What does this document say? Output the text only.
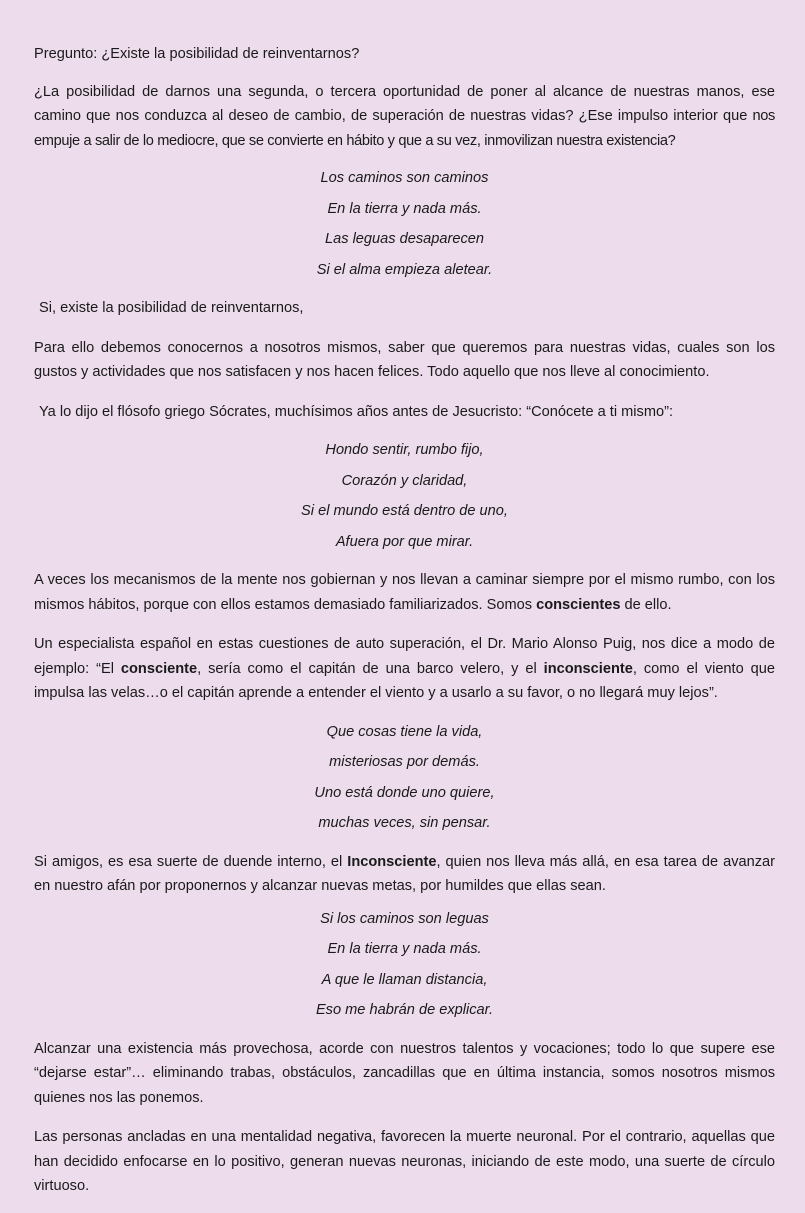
Pregunto: ¿Existe la posibilidad de reinventarnos?

¿La posibilidad de darnos una segunda, o tercera oportunidad de poner al alcance de nuestras manos, ese camino que nos conduzca al deseo de cambio, de superación de nuestras vidas? ¿Ese impulso interior que nos empuje a salir de lo mediocre, que se convierte en hábito y que a su vez, inmovilizan nuestra existencia?

Los caminos son caminos
En la tierra y nada más.
Las leguas desaparecen
Si el alma empieza aletear.

Si, existe la posibilidad de reinventarnos,

Para ello debemos conocernos a nosotros mismos, saber que queremos para nuestras vidas, cuales son los gustos y actividades que nos satisfacen y nos hacen felices. Todo aquello que nos lleve al conocimiento.

Ya lo dijo el flósofo griego Sócrates, muchísimos años antes de Jesucristo: “Conócete a ti mismo”:

Hondo sentir, rumbo fijo,
Corazón y claridad,
Si el mundo está dentro de uno,
Afuera por que mirar.

A veces los mecanismos de la mente nos gobiernan y nos llevan a caminar siempre por el mismo rumbo, con los mismos hábitos, porque con ellos estamos demasiado familiarizados. Somos conscientes de ello.

Un especialista español en estas cuestiones de auto superación, el Dr. Mario Alonso Puig, nos dice a modo de ejemplo: “El consciente, sería como el capitán de una barco velero, y el inconsciente, como el viento que impulsa las velas…o el capitán aprende a entender el viento y a usarlo a su favor, o no llegará muy lejos”.

Que cosas tiene la vida,
misteriosas por demás.
Uno está donde uno quiere,
muchas veces, sin pensar.

Si amigos, es esa suerte de duende interno, el Inconsciente, quien nos lleva más allá, en esa tarea de avanzar en nuestro afán por proponernos y alcanzar nuevas metas, por humildes que ellas sean.

Si los caminos son leguas
En la tierra y nada más.
A que le llaman distancia,
Eso me habrán de explicar.

Alcanzar una existencia más provechosa, acorde con nuestros talentos y vocaciones; todo lo que supere ese “dejarse estar”… eliminando trabas, obstáculos, zancadillas que en última instancia, somos nosotros mismos quienes nos las ponemos.

Las personas ancladas en una mentalidad negativa, favorecen la muerte neuronal. Por el contrario, aquellas que han decidido enfocarse en lo positivo, generan nuevas neuronas, iniciando de este modo, una suerte de círculo virtuoso.
